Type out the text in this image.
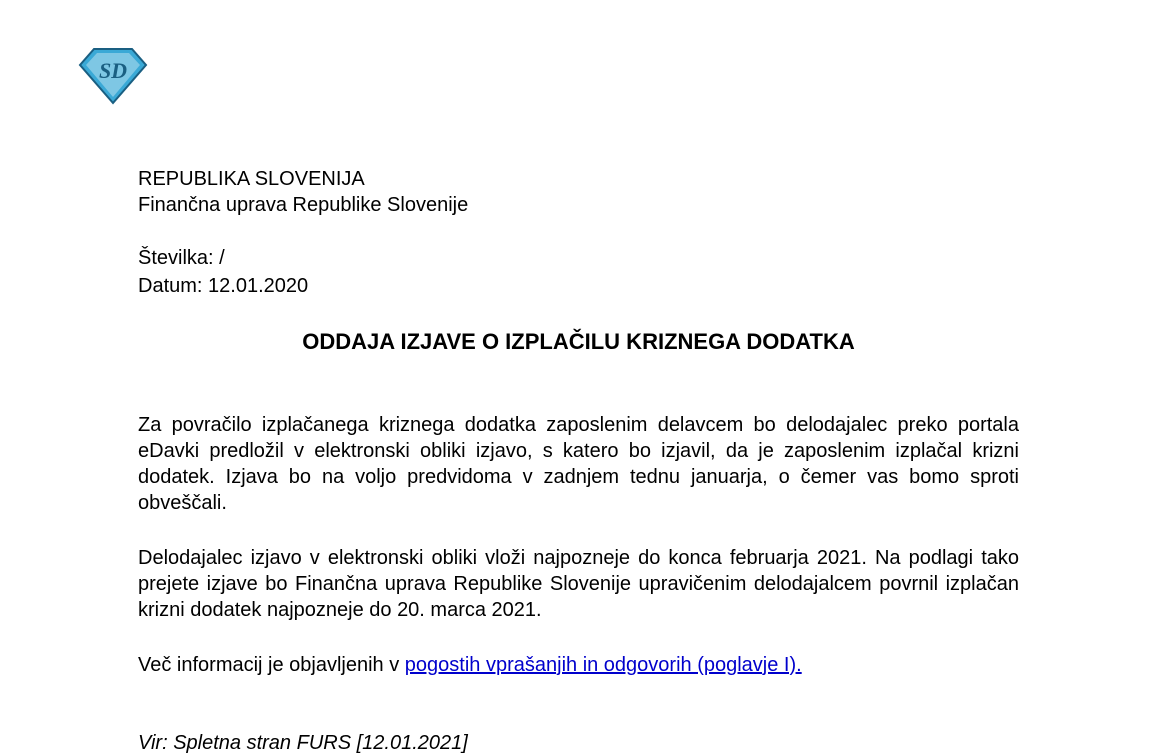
SD

REPUBLIKA SLOVENIJA

Finančna uprava Republike Slovenije

Številka: /

Datum: 12.01.2020

ODDAJA IZJAVE O IZPLAČILU KRIZNEGA DODATKA

Za povračilo izplačanega kriznega dodatka zaposlenim delavcem bo delodajalec preko portala eDavki predložil v elektronski obliki izjavo, s katero bo izjavil, da je zaposlenim izplačal krizni dodatek. Izjava bo na voljo predvidoma v zadnjem tednu januarja, o čemer vas bomo sproti obveščali.

Delodajalec izjavo v elektronski obliki vloži najpozneje do konca februarja 2021. Na podlagi tako prejete izjave bo Finančna uprava Republike Slovenije upravičenim delodajalcem povrnil izplačan krizni dodatek najpozneje do 20. marca 2021.

Več informacij je objavljenih v pogostih vprašanjih in odgovorih (poglavje I).

Vir: Spletna stran FURS [12.01.2021]
